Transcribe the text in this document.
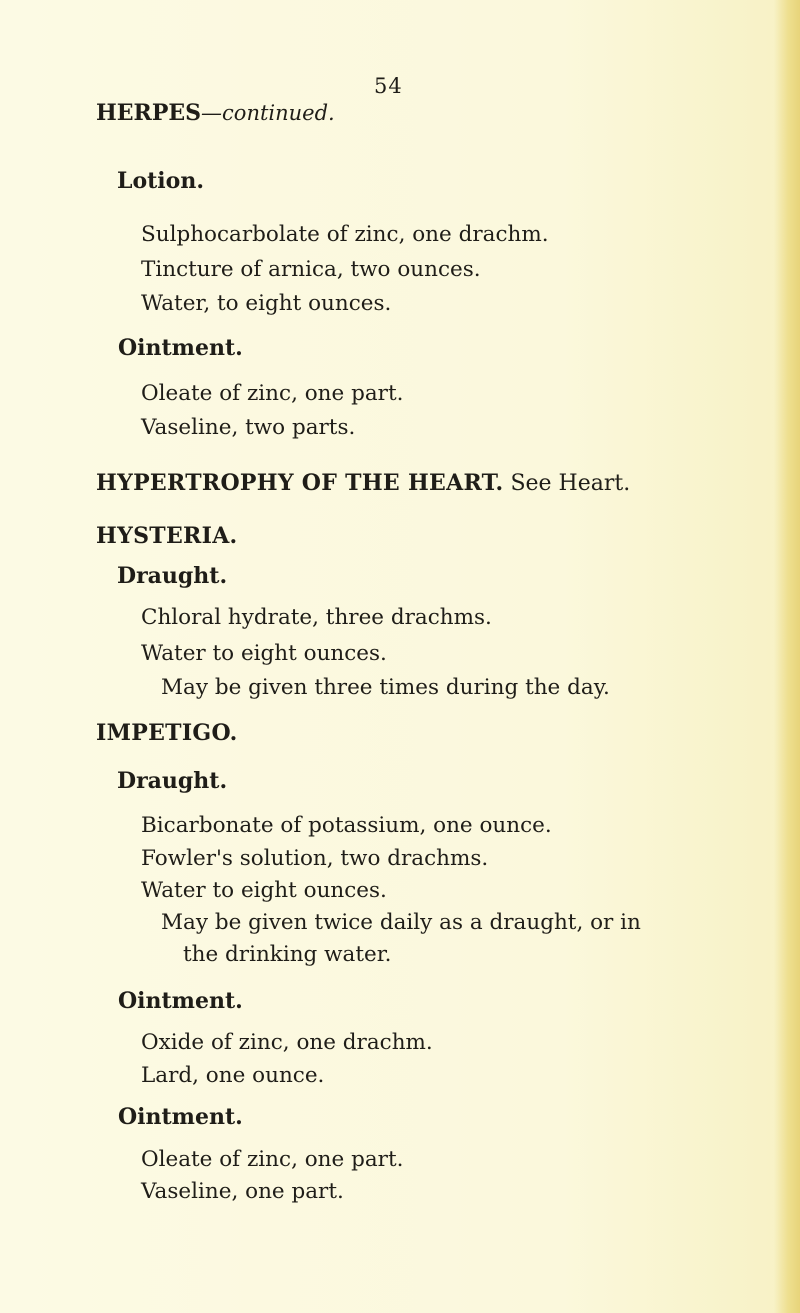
54
HERPES—continued.
Lotion.
Sulphocarbolate of zinc, one drachm.
Tincture of arnica, two ounces.
Water, to eight ounces.
Ointment.
Oleate of zinc, one part.
Vaseline, two parts.
HYPERTROPHY OF THE HEART. See Heart.
HYSTERIA.
Draught.
Chloral hydrate, three drachms.
Water to eight ounces.
May be given three times during the day.
IMPETIGO.
Draught.
Bicarbonate of potassium, one ounce.
Fowler's solution, two drachms.
Water to eight ounces.
May be given twice daily as a draught, or in
the drinking water.
Ointment.
Oxide of zinc, one drachm.
Lard, one ounce.
Ointment.
Oleate of zinc, one part.
Vaseline, one part.
